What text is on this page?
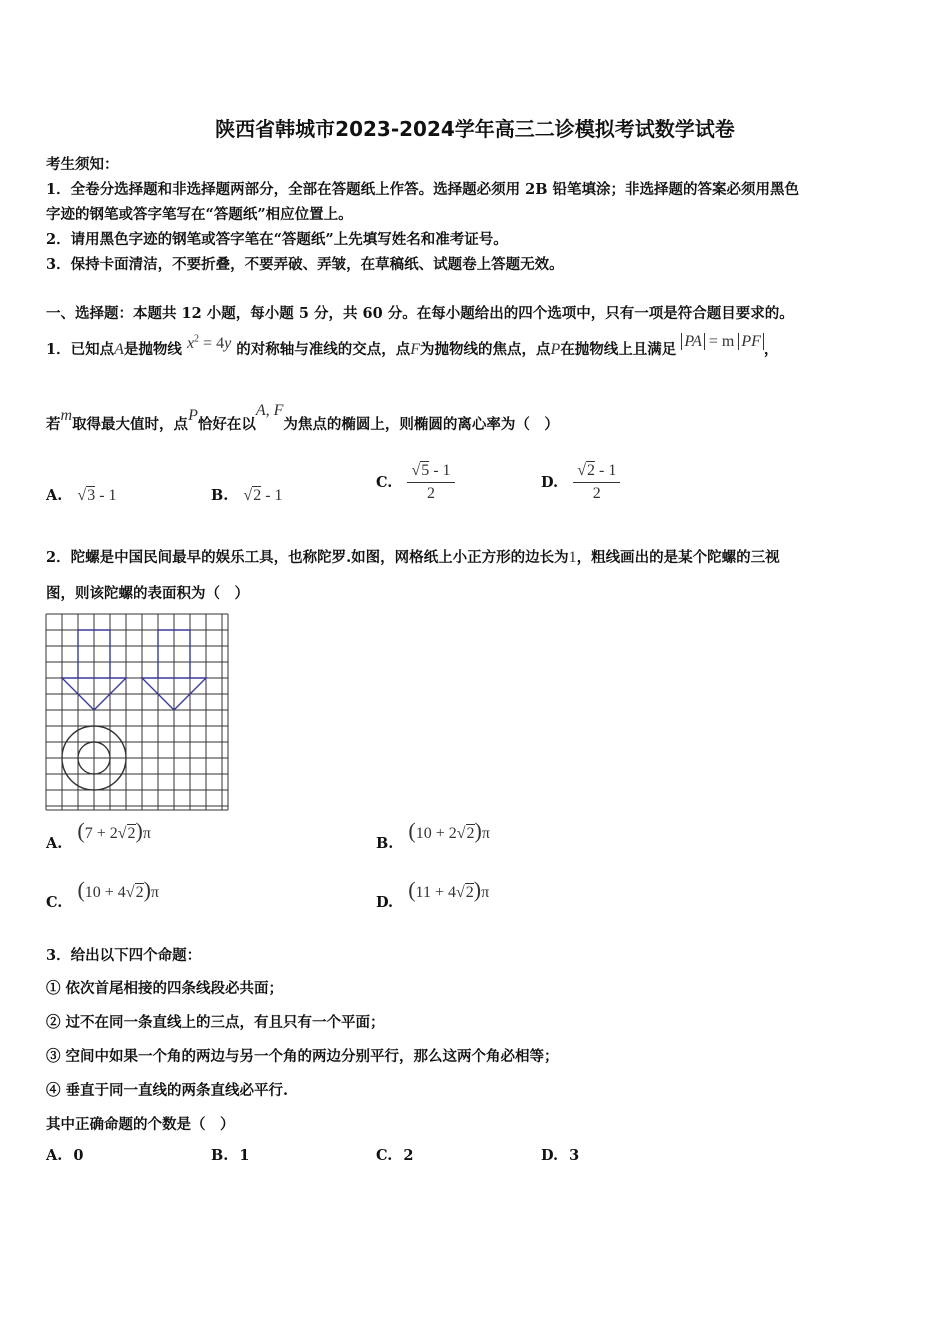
陕西省韩城市2023-2024学年高三二诊模拟考试数学试卷
考生须知：
1．全卷分选择题和非选择题两部分，全部在答题纸上作答。选择题必须用 2B 铅笔填涂；非选择题的答案必须用黑色
字迹的钢笔或答字笔写在“答题纸”相应位置上。
2．请用黑色字迹的钢笔或答字笔在“答题纸”上先填写姓名和准考证号。
3．保持卡面清洁，不要折叠，不要弄破、弄皱，在草稿纸、试题卷上答题无效。
一、选择题：本题共 12 小题，每小题 5 分，共 60 分。在每小题给出的四个选项中，只有一项是符合题目要求的。
1．已知点A是抛物线 $x^2 = 4y$ 的对称轴与准线的交点，点F为抛物线的焦点，点P在抛物线上且满足 PA = m PF ，
若m取得最大值时，点P恰好在以A, F为焦点的椭圆上，则椭圆的离心率为（　）
A. √3 - 1	B. √2 - 1
C. $\frac{√5 - 1}{2}$	D. $\frac{√2 - 1}{2}$
2．陀螺是中国民间最早的娱乐工具，也称陀罗.如图，网格纸上小正方形的边长为1，粗线画出的是某个陀螺的三视
图，则该陀螺的表面积为（　）
A. (7 + 2√2)π
B. (10 + 2√2)π
C. (10 + 4√2)π
D. (11 + 4√2)π
3．给出以下四个命题：
① 依次首尾相接的四条线段必共面；
② 过不在同一条直线上的三点，有且只有一个平面；
③ 空间中如果一个角的两边与另一个角的两边分别平行，那么这两个角必相等；
④ 垂直于同一直线的两条直线必平行.
其中正确命题的个数是（　）
A. 0	B. 1	C. 2	D. 3
